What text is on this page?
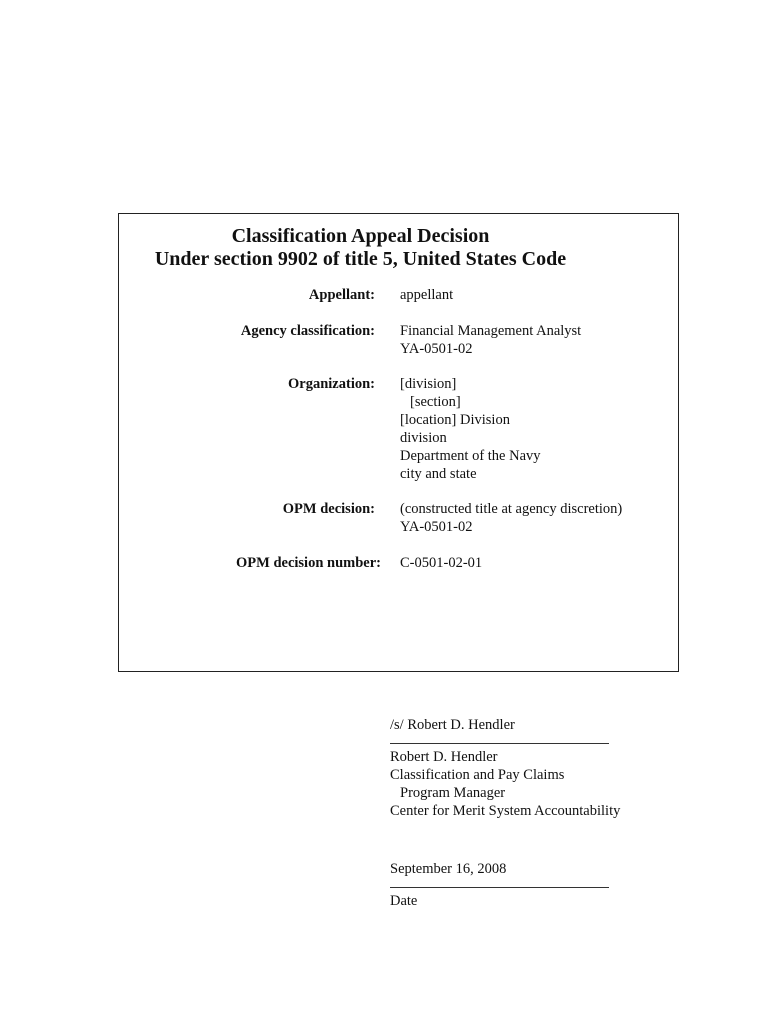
Classification Appeal Decision
Under section 9902 of title 5, United States Code
Appellant: appellant
Agency classification: Financial Management Analyst
YA-0501-02
Organization: [division]
[section]
[location] Division
division
Department of the Navy
city and state
OPM decision: (constructed title at agency discretion)
YA-0501-02
OPM decision number: C-0501-02-01
/s/ Robert D. Hendler
Robert D. Hendler
Classification and Pay Claims
Program Manager
Center for Merit System Accountability
September 16, 2008
Date
